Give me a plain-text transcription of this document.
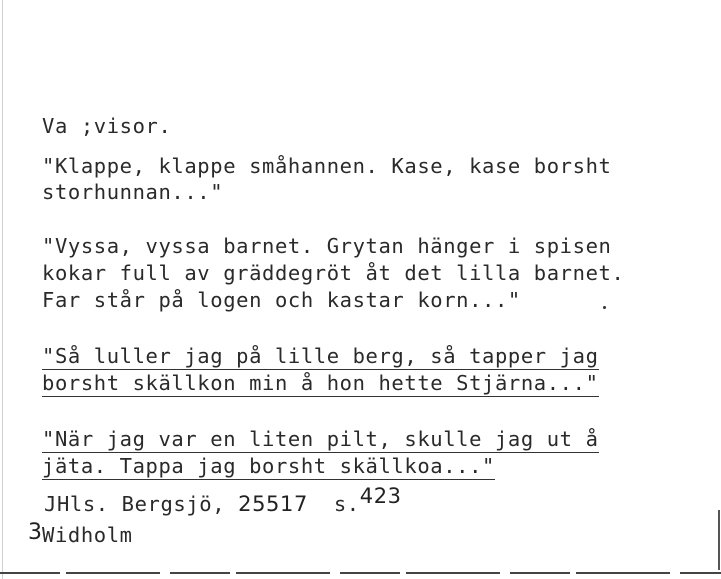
Va ;visor.
"Klappe, klappe småhannen. Kase, kase borsht
storhunnan..."
"Vyssa, vyssa barnet. Grytan hänger i spisen
kokar full av gräddegröt åt det lilla barnet.
Far står på logen och kastar korn..."
"Så luller jag på lille berg, så tapper jag
borsht skällkon min å hon hette Stjärna..."
"När jag var en liten pilt, skulle jag ut å
jäta. Tappa jag borsht skällkoa..."
JHls. Bergsjö, 25517 s.423
3 Widholm
